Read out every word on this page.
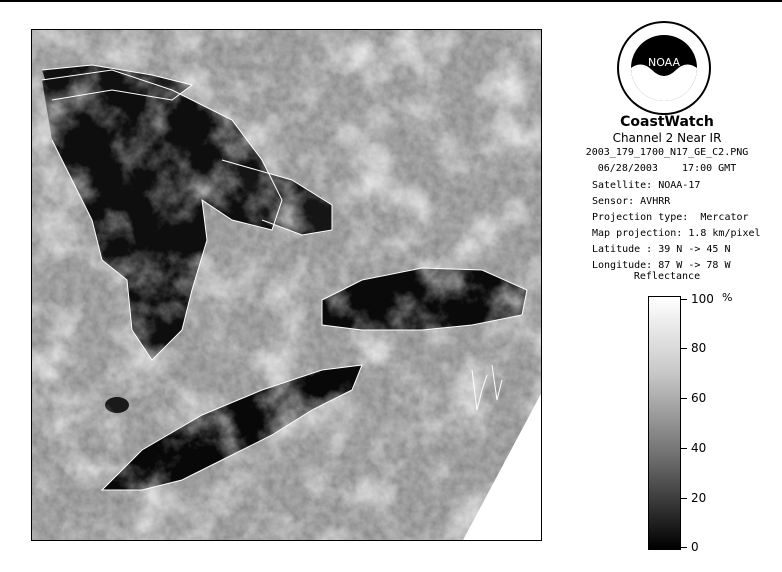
NOAA
CoastWatch
Channel 2 Near IR
2003_179_1700_N17_GE_C2.PNG
06/28/2003    17:00 GMT
Satellite: NOAA-17
Sensor: AVHRR
Projection type:  Mercator
Map projection: 1.8 km/pixel
Latitude : 39 N -> 45 N
Longitude: 87 W -> 78 W
Reflectance
%
100
80
60
40
20
0
